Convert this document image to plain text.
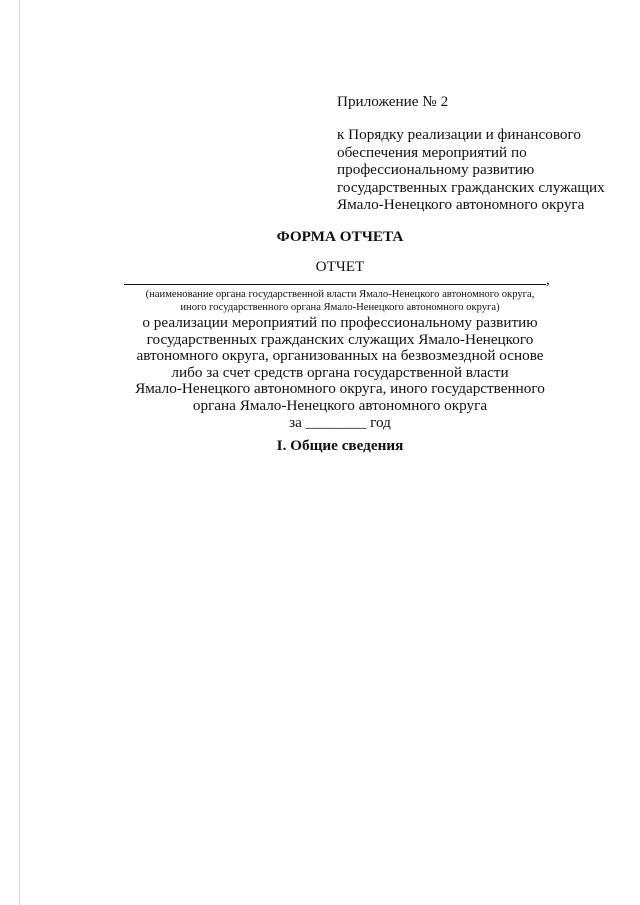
Приложение № 2
к Порядку реализации и финансового
обеспечения мероприятий по
профессиональному развитию
государственных гражданских служащих
Ямало-Ненецкого автономного округа
ФОРМА ОТЧЕТА
ОТЧЕТ
,
(наименование органа государственной власти Ямало-Ненецкого автономного округа,
иного государственного органа Ямало-Ненецкого автономного округа)
о реализации мероприятий по профессиональному развитию
государственных гражданских служащих Ямало-Ненецкого
автономного округа, организованных на безвозмездной основе
либо за счет средств органа государственной власти
Ямало-Ненецкого автономного округа, иного государственного
органа Ямало-Ненецкого автономного округа
за ________ год
I. Общие сведения
